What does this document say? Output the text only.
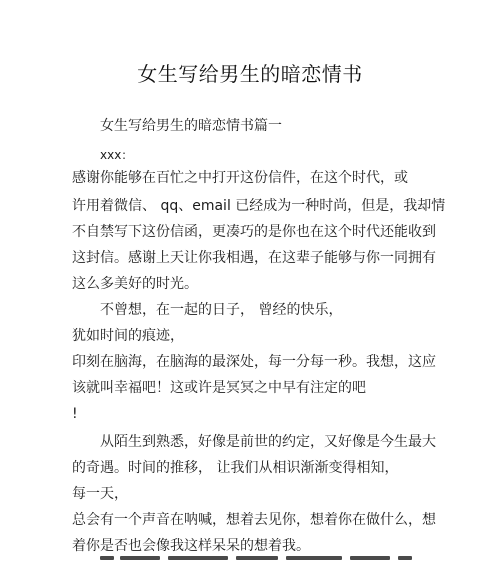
女生写给男生的暗恋情书
女生写给男生的暗恋情书篇一
xxx：
感谢你能够在百忙之中打开这份信件，在这个时代，或
许用着微信、 qq、email 已经成为一种时尚，但是，我却情
不自禁写下这份信函，更凑巧的是你也在这个时代还能收到
这封信。感谢上天让你我相遇，在这辈子能够与你一同拥有
这么多美好的时光。
不曾想，在一起的日子， 曾经的快乐，
犹如时间的痕迹，
印刻在脑海，在脑海的最深处，每一分每一秒。我想，这应
该就叫幸福吧！这或许是冥冥之中早有注定的吧
!
从陌生到熟悉，好像是前世的约定，又好像是今生最大
的奇遇。时间的推移， 让我们从相识渐渐变得相知，
每一天，
总会有一个声音在呐喊，想着去见你，想着你在做什么，想
着你是否也会像我这样呆呆的想着我。
